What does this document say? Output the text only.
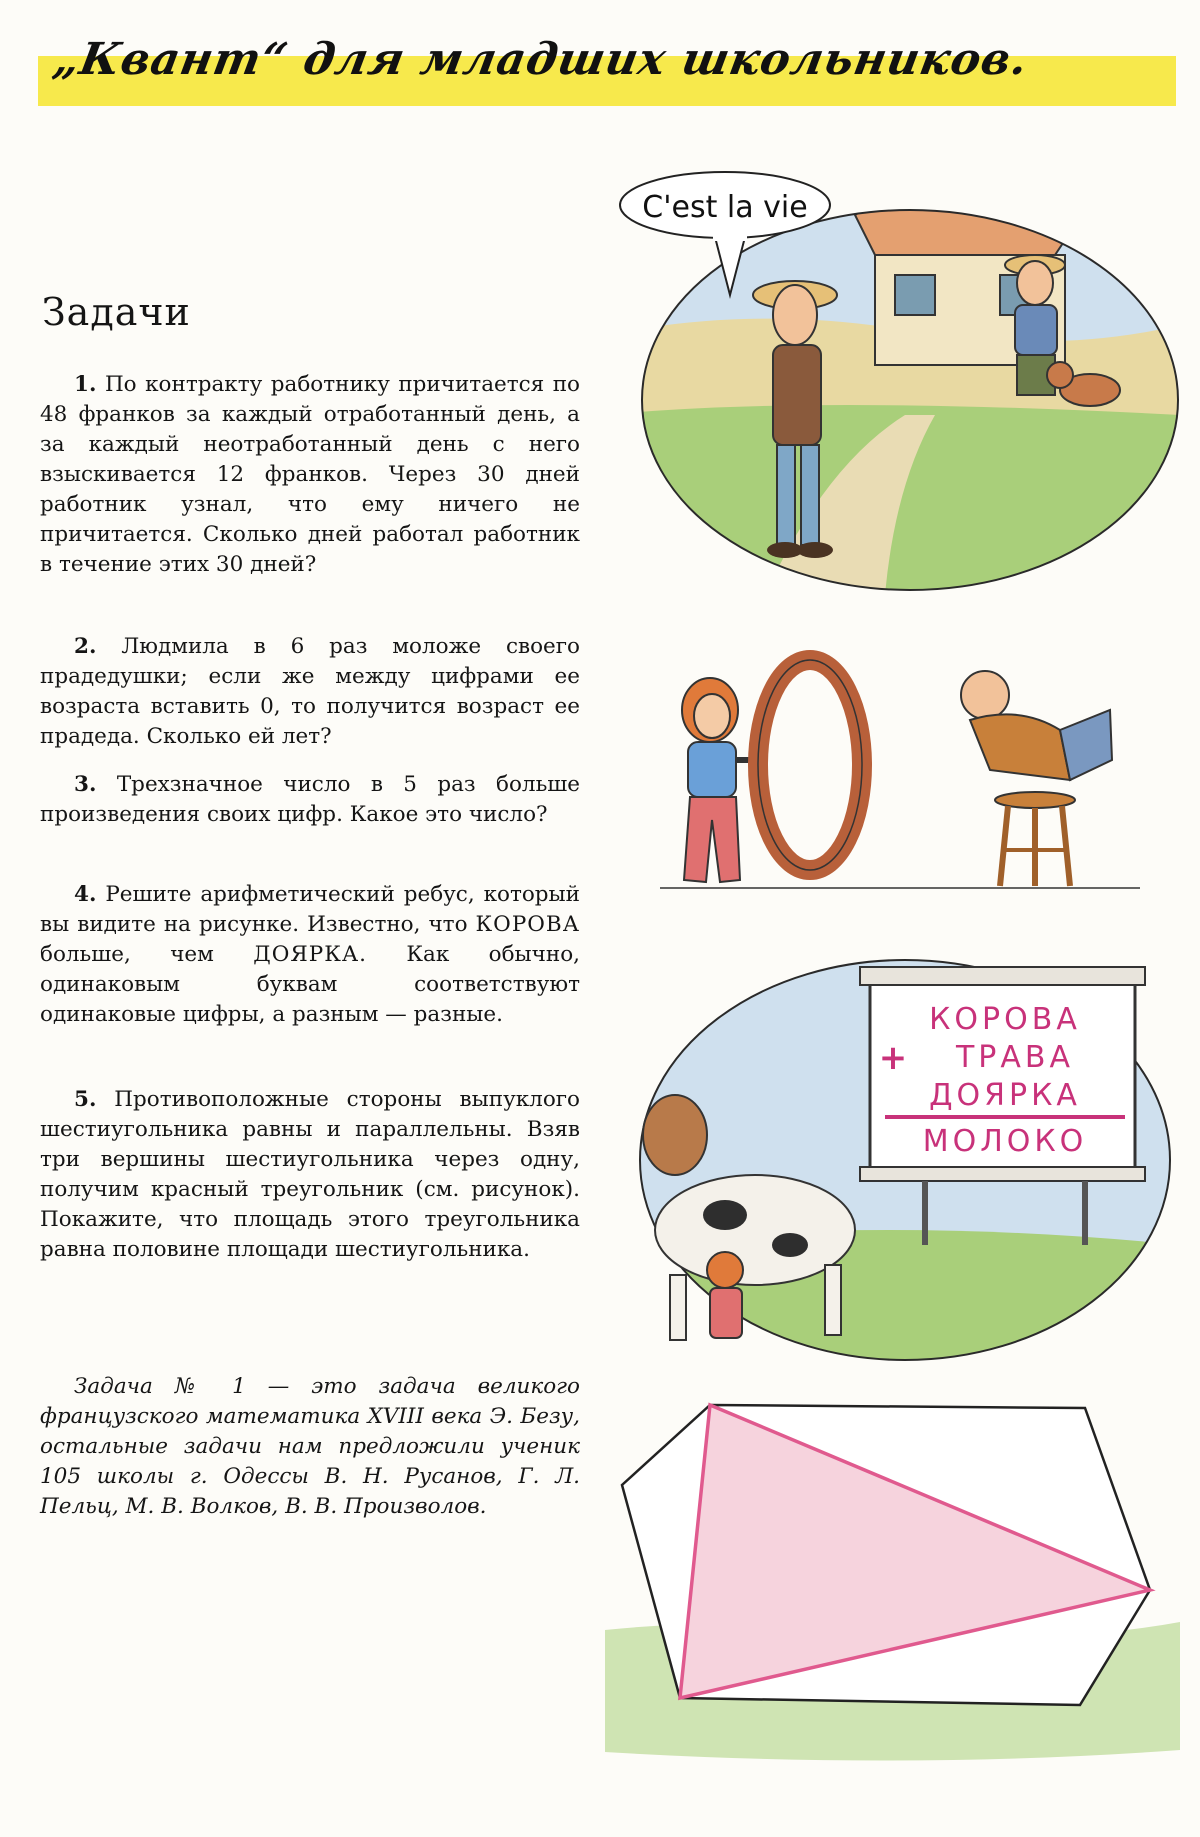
„Квант“ для младших школьников.
Задачи

1. По контракту работнику причитается по 48 франков за каждый отработанный день, а за каждый неотработанный день с него взыскивается 12 франков. Через 30 дней работник узнал, что ему ничего не причитается. Сколько дней работал работник в течение этих 30 дней?

2. Людмила в 6 раз моложе своего прадедушки; если же между цифрами ее возраста вставить 0, то получится возраст ее прадеда. Сколько ей лет?

3. Трехзначное число в 5 раз больше произведения своих цифр. Какое это число?

4. Решите арифметический ребус, который вы видите на рисунке. Известно, что КОРОВА больше, чем ДОЯРКА. Как обычно, одинаковым буквам соответствуют одинаковые цифры, а разным — разные.

5. Противоположные стороны выпуклого шестиугольника равны и параллельны. Взяв три вершины шестиугольника через одну, получим красный треугольник (см. рисунок). Покажите, что площадь этого треугольника равна половине площади шестиугольника.

Задача № 1 — это задача великого французского математика XVIII века Э. Безу, остальные задачи нам предложили ученик 105 школы г. Одессы В. Н. Русанов, Г. Л. Пельц, М. В. Волков, В. В. Произволов.
C'est la vie
КОРОВА
+ ТРАВА
ДОЯРКА
МОЛОКО
